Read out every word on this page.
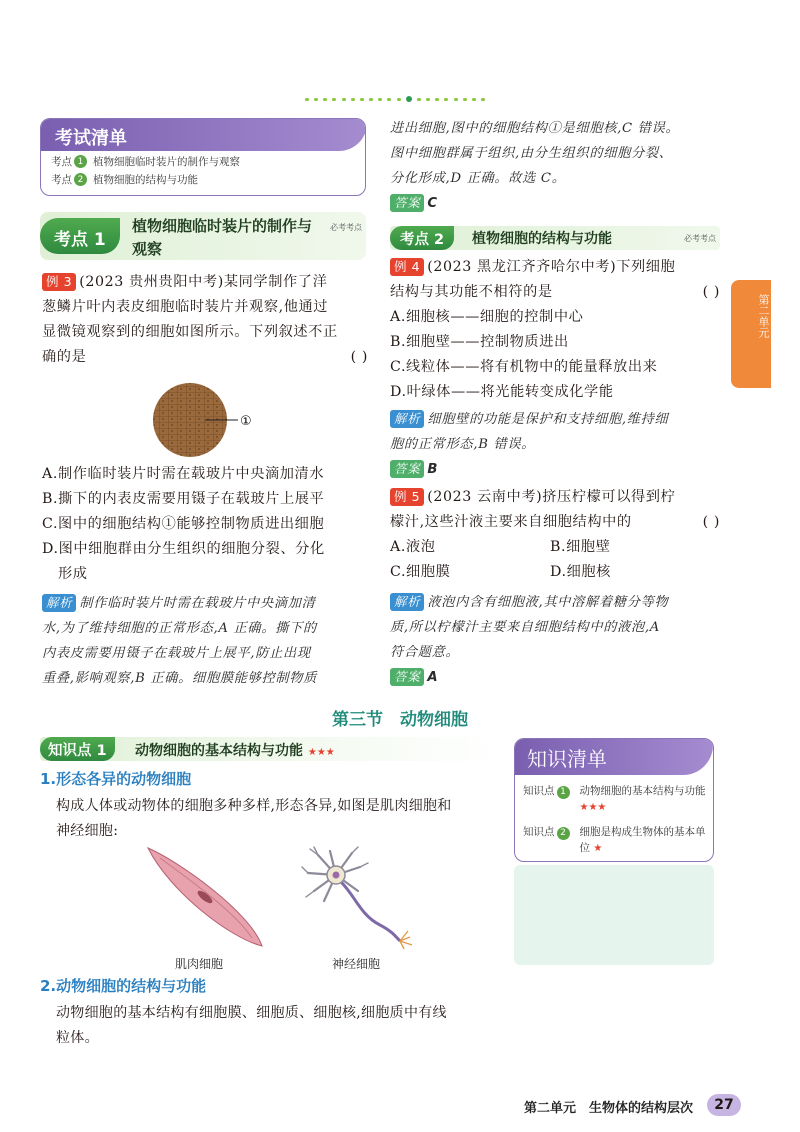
考试清单
考点 1 植物细胞临时装片的制作与观察
考点 2 植物细胞的结构与功能
考点 1
植物细胞临时装片的制作与
观察
必考考点
例 3 (2023 贵州贵阳中考)某同学制作了洋
葱鳞片叶内表皮细胞临时装片并观察,他通过
显微镜观察到的细胞如图所示。下列叙述不正
确的是	( )
①
A.制作临时装片时需在载玻片中央滴加清水
B.撕下的内表皮需要用镊子在载玻片上展平
C.图中的细胞结构①能够控制物质进出细胞
D.图中细胞群由分生组织的细胞分裂、分化
形成
解析 制作临时装片时需在载玻片中央滴加清
水,为了维持细胞的正常形态,A 正确。撕下的
内表皮需要用镊子在载玻片上展平,防止出现
重叠,影响观察,B 正确。细胞膜能够控制物质
进出细胞,图中的细胞结构①是细胞核,C 错误。
图中细胞群属于组织,由分生组织的细胞分裂、
分化形成,D 正确。故选 C。
答案 C
考点 2	植物细胞的结构与功能	必考考点
例 4 (2023 黑龙江齐齐哈尔中考)下列细胞
结构与其功能不相符的是	( )
A.细胞核——细胞的控制中心
B.细胞壁——控制物质进出
C.线粒体——将有机物中的能量释放出来
D.叶绿体——将光能转变成化学能
解析 细胞壁的功能是保护和支持细胞,维持细
胞的正常形态,B 错误。
答案 B
例 5 (2023 云南中考)挤压柠檬可以得到柠
檬汁,这些汁液主要来自细胞结构中的	( )
A.液泡	B.细胞壁
C.细胞膜	D.细胞核
解析 液泡内含有细胞液,其中溶解着糖分等物
质,所以柠檬汁主要来自细胞结构中的液泡,A
符合题意。
答案 A
第二单元
第三节　动物细胞
知识点 1	动物细胞的基本结构与功能 ★★★
1.形态各异的动物细胞
构成人体或动物体的细胞多种多样,形态各异,如图是肌肉细胞和
神经细胞:
肌肉细胞	神经细胞
2.动物细胞的结构与功能
动物细胞的基本结构有细胞膜、细胞质、细胞核,细胞质中有线
粒体。
知识清单
知识点 1	动物细胞的基本结构与功能 ★★★
知识点 2	细胞是构成生物体的基本单位 ★
第二单元　生物体的结构层次	27
